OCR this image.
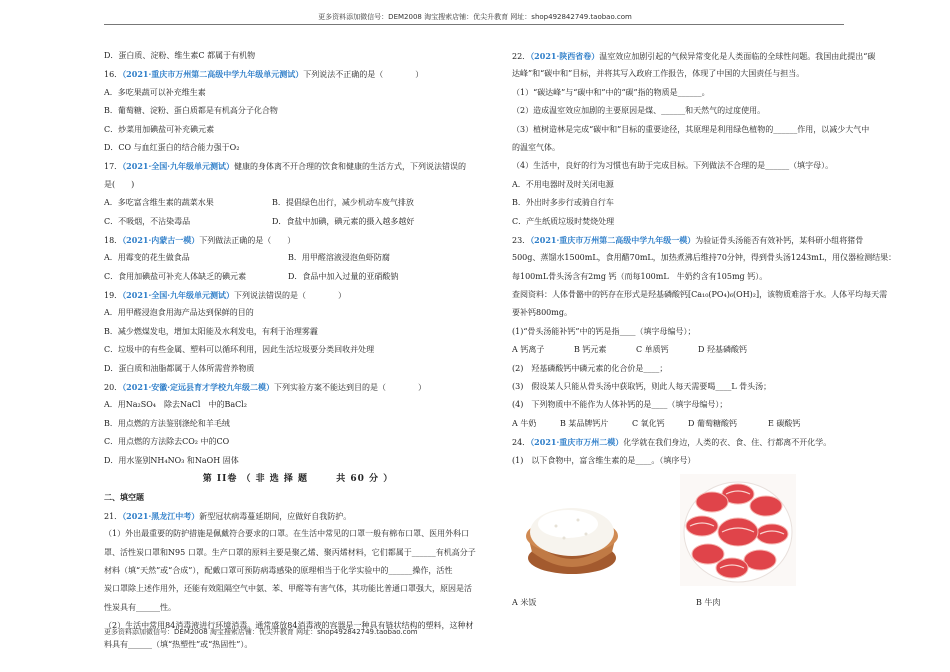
更多资料添加微信号：DEM2008 淘宝搜索店铺：优尖升教育 网址：shop492842749.taobao.com
D．蛋白质、淀粉、维生素C 都属于有机物
16．（2021·重庆市万州第二高级中学九年级单元测试）下列说法不正确的是（　　　　）
A．多吃果蔬可以补充维生素
B．葡萄糖、淀粉、蛋白质都是有机高分子化合物
C．炒菜用加碘盐可补充碘元素
D．CO 与血红蛋白的结合能力强于O₂
17．（2021·全国·九年级单元测试）健康的身体离不开合理的饮食和健康的生活方式，下列说法错误的
是(　　)
A．多吃富含维生素的蔬菜水果	B．提倡绿色出行，减少机动车废气排放
C．不吸烟，不沾染毒品	D．食盐中加碘，碘元素的摄入越多越好
18．（2021·内蒙古一模）下列做法正确的是（　　）
A．用霉变的花生做食品	B．用甲醛溶液浸泡鱼虾防腐
C．食用加碘盐可补充人体缺乏的碘元素	D．食品中加入过量的亚硝酸钠
19．（2021·全国·九年级单元测试）下列说法错误的是（　　　　）
A．用甲醛浸泡食用海产品达到保鲜的目的
B．减少燃煤发电，增加太阳能及水利发电，有利于治理雾霾
C．垃圾中的有些金属、塑料可以循环利用，因此生活垃圾要分类回收并处理
D．蛋白质和油脂都属于人体所需营养物质
20．（2021·安徽·定远县育才学校九年级二模）下列实验方案不能达到目的是（　　　　）
A．用Na₂SO₄　除去NaCl　中的BaCl₂
B．用点燃的方法鉴别涤纶和羊毛绒
C．用点燃的方法除去CO₂ 中的CO
D．用水鉴别NH₄NO₃ 和NaOH 固体
第 II卷 （ 非 选 择 题 　　 共 60 分 ）
二、填空题
21．（2021·黑龙江中考）新型冠状病毒蔓延期间，应做好自我防护。
（1）外出最重要的防护措施是佩戴符合要求的口罩。在生活中常见的口罩一般有棉布口罩、医用外科口
罩、活性炭口罩和N95 口罩。生产口罩的原料主要是聚乙烯、聚丙烯材料，它们都属于______有机高分子
材料（填“天然”或“合成”），配戴口罩可预防病毒感染的原理相当于化学实验中的______操作，活性
炭口罩除上述作用外，还能有效阻隔空气中氨、苯、甲醛等有害气体，其功能比普通口罩强大，原因是活
性炭具有______性。
（2）生活中常用84消毒液进行环境消毒。通常盛放84消毒液的容器是一种具有链状结构的塑料，这种材
料具有______（填“热塑性”或“热固性”）。
22．（2021·陕西省卷）温室效应加剧引起的气候异常变化是人类面临的全球性问题。我国由此提出“碳
达峰”和“碳中和”目标，并将其写入政府工作报告，体现了中国的大国责任与担当。
（1）“碳达峰”与“碳中和”中的“碳”指的物质是______。
（2）造成温室效应加剧的主要原因是煤、______和天然气的过度使用。
（3）植树造林是完成“碳中和”目标的重要途径，其原理是利用绿色植物的______作用，以减少大气中
的温室气体。
（4）生活中，良好的行为习惯也有助于完成目标。下列做法不合理的是______（填字母）。
A．不用电器时及时关闭电源
B．外出时多步行或骑自行车
C．产生纸质垃圾时焚烧处理
23．（2021·重庆市万州第二高级中学九年级一模）为验证骨头汤能否有效补钙，某科研小组将猪骨
500g、蒸馏水1500mL，食用醋70mL，加热煮沸后维持70分钟，得到骨头汤1243mL，用仪器检测结果：
每100mL骨头汤含有2mg 钙（而每100mL　牛奶约含有105mg 钙）。
查阅资料：人体骨骼中的钙存在形式是羟基磷酸钙[Ca₁₀(PO₄)₆(OH)₂]，该物质难溶于水。人体平均每天需
要补钙800mg。
(1)“骨头汤能补钙”中的钙是指____（填字母编号）；
A 钙离子	B 钙元素	C 单质钙	D 羟基磷酸钙
(2)　羟基磷酸钙中磷元素的化合价是____；
(3)　假设某人只能从骨头汤中获取钙，则此人每天需要喝____L 骨头汤；
(4)　下列物质中不能作为人体补钙的是____（填字母编号）；
A 牛奶	B 某品牌钙片	C 氧化钙	D 葡萄糖酸钙	E 碳酸钙
24．（2021·重庆市万州二模）化学就在我们身边，人类的衣、食、住、行都离不开化学。
(1)　以下食物中，富含维生素的是____。（填序号）
A 米饭	B 牛肉
更多资料添加微信号：DEM2008 淘宝搜索店铺：优尖升教育 网址：shop492842749.taobao.com
